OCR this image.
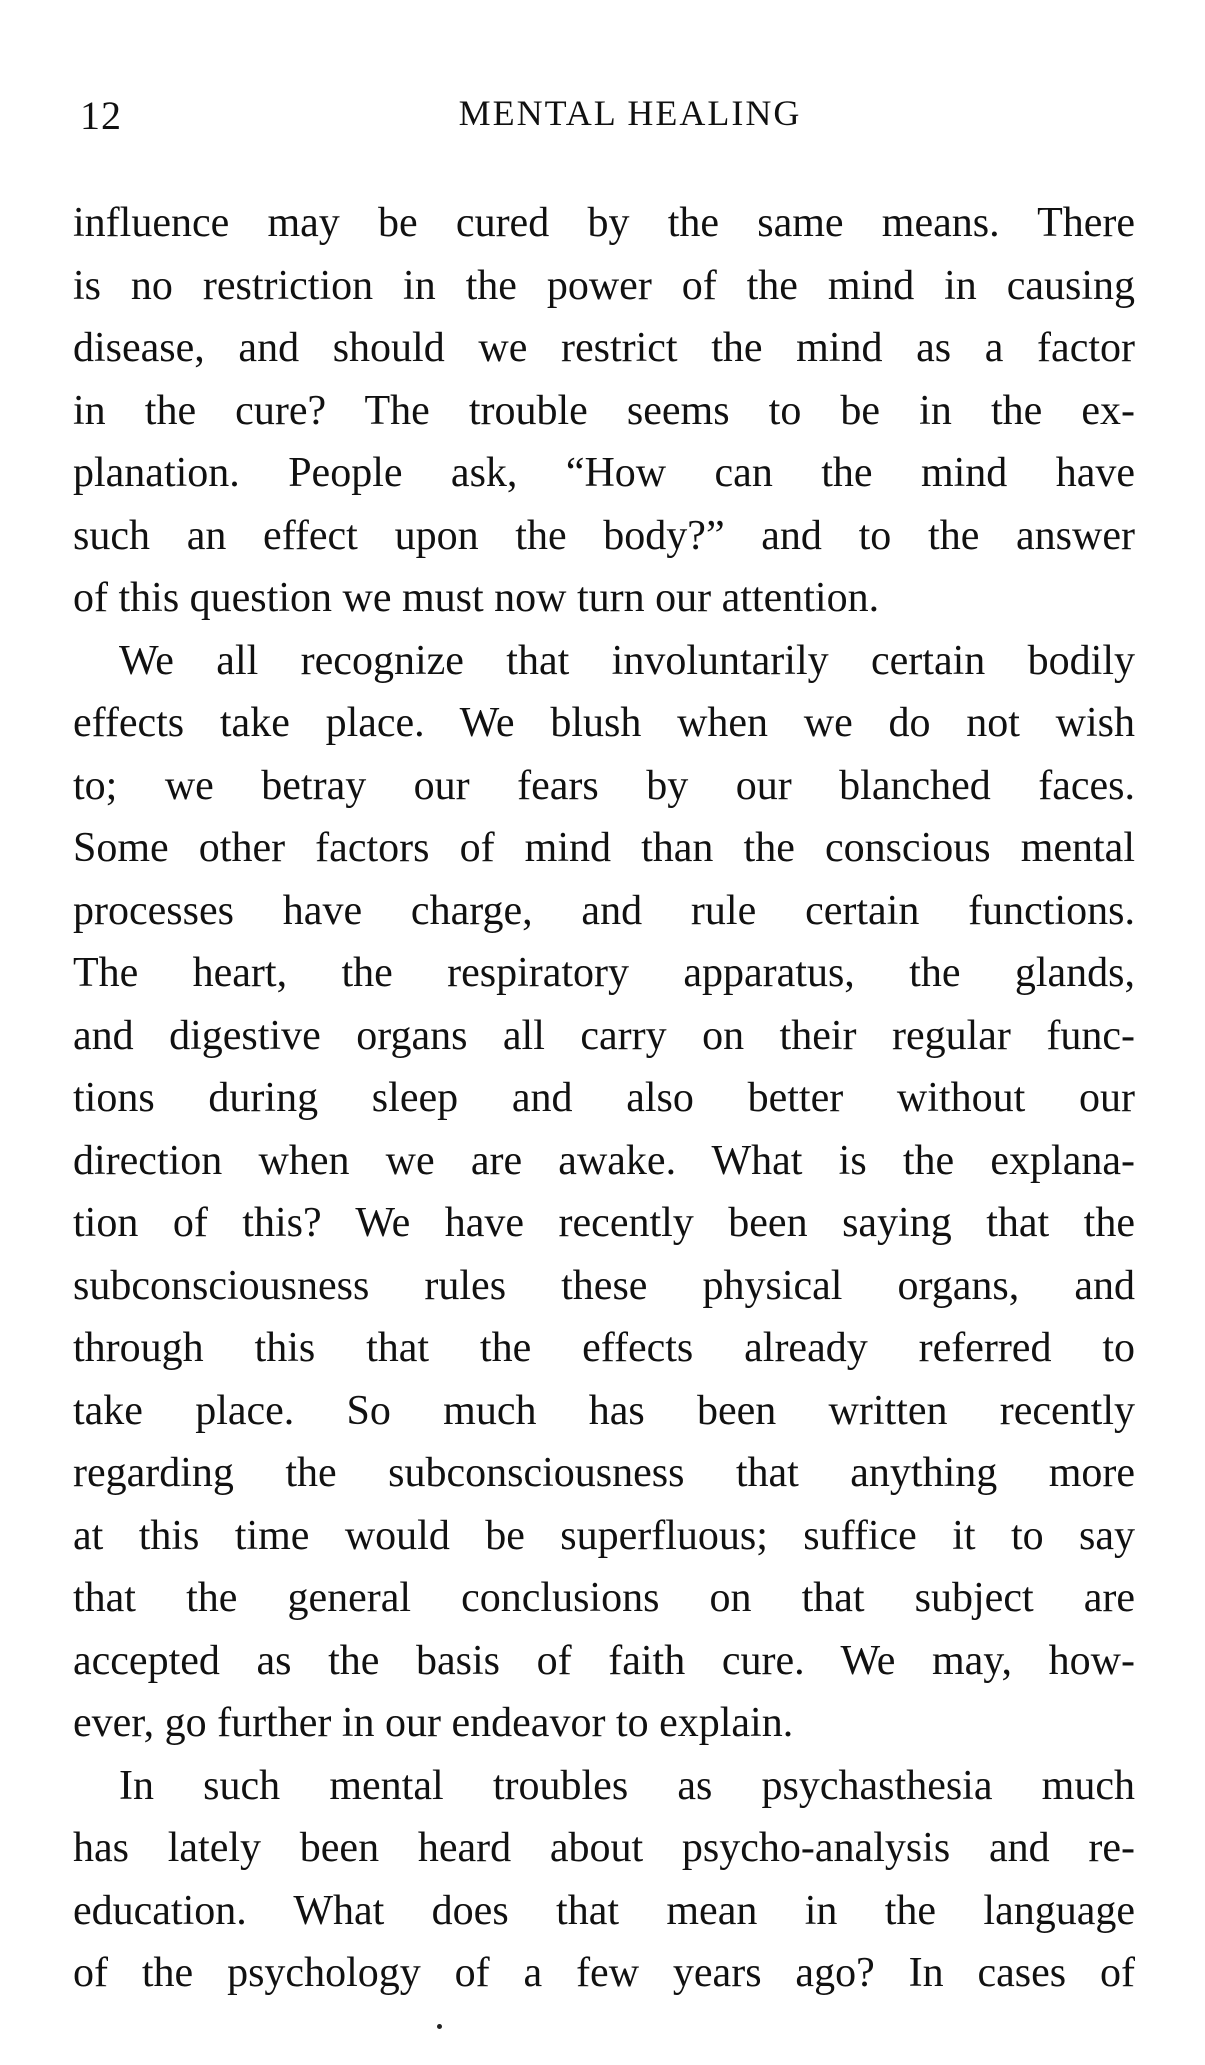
12	MENTAL HEALING
influence may be cured by the same means. There
is no restriction in the power of the mind in causing
disease, and should we restrict the mind as a factor
in the cure? The trouble seems to be in the ex-
planation. People ask, “How can the mind have
such an effect upon the body?” and to the answer
of this question we must now turn our attention.
We all recognize that involuntarily certain bodily
effects take place. We blush when we do not wish
to; we betray our fears by our blanched faces.
Some other factors of mind than the conscious mental
processes have charge, and rule certain functions.
The heart, the respiratory apparatus, the glands,
and digestive organs all carry on their regular func-
tions during sleep and also better without our
direction when we are awake. What is the explana-
tion of this? We have recently been saying that the
subconsciousness rules these physical organs, and
through this that the effects already referred to
take place. So much has been written recently
regarding the subconsciousness that anything more
at this time would be superfluous; suffice it to say
that the general conclusions on that subject are
accepted as the basis of faith cure. We may, how-
ever, go further in our endeavor to explain.
In such mental troubles as psychasthesia much
has lately been heard about psycho-analysis and re-
education. What does that mean in the language
of the psychology of a few years ago? In cases of
